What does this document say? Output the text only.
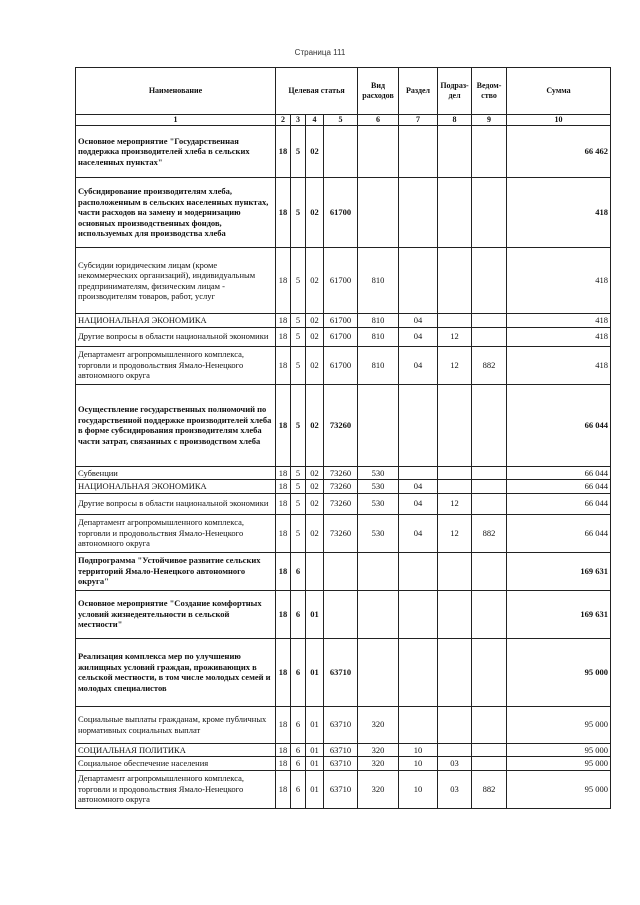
Страница 111
Наименование	Целевая статья				Вид расходов	Раздел	Подраз-дел	Ведом-ство	Сумма
1	2	3	4	5	6	7	8	9	10
Основное мероприятие "Государственная поддержка производителей хлеба в сельских населенных пунктах"	18	5	02						66 462
Субсидирование производителям хлеба, расположенным в сельских населенных пунктах, части расходов на замену и модернизацию основных производственных фондов, используемых для производства хлеба	18	5	02	61700					418
Субсидии юридическим лицам (кроме некоммерческих организаций), индивидуальным предпринимателям, физическим лицам - производителям товаров, работ, услуг	18	5	02	61700	810				418
НАЦИОНАЛЬНАЯ ЭКОНОМИКА	18	5	02	61700	810	04			418
Другие вопросы в области национальной экономики	18	5	02	61700	810	04	12		418
Департамент агропромышленного комплекса, торговли и продовольствия Ямало-Ненецкого автономного округа	18	5	02	61700	810	04	12	882	418
Осуществление государственных полномочий по государственной поддержке производителей хлеба в форме субсидирования производителям хлеба части затрат, связанных с производством хлеба	18	5	02	73260					66 044
Субвенции	18	5	02	73260	530				66 044
НАЦИОНАЛЬНАЯ ЭКОНОМИКА	18	5	02	73260	530	04			66 044
Другие вопросы в области национальной экономики	18	5	02	73260	530	04	12		66 044
Департамент агропромышленного комплекса, торговли и продовольствия Ямало-Ненецкого автономного округа	18	5	02	73260	530	04	12	882	66 044
Подпрограмма "Устойчивое развитие сельских территорий Ямало-Ненецкого автономного округа"	18	6							169 631
Основное мероприятие "Создание комфортных условий жизнедеятельности в сельской местности"	18	6	01						169 631
Реализация комплекса мер по улучшению жилищных условий граждан, проживающих в сельской местности, в том числе молодых семей и молодых специалистов	18	6	01	63710					95 000
Социальные выплаты гражданам, кроме публичных нормативных социальных выплат	18	6	01	63710	320				95 000
СОЦИАЛЬНАЯ ПОЛИТИКА	18	6	01	63710	320	10			95 000
Социальное обеспечение населения	18	6	01	63710	320	10	03		95 000
Департамент агропромышленного комплекса, торговли и продовольствия Ямало-Ненецкого автономного округа	18	6	01	63710	320	10	03	882	95 000
